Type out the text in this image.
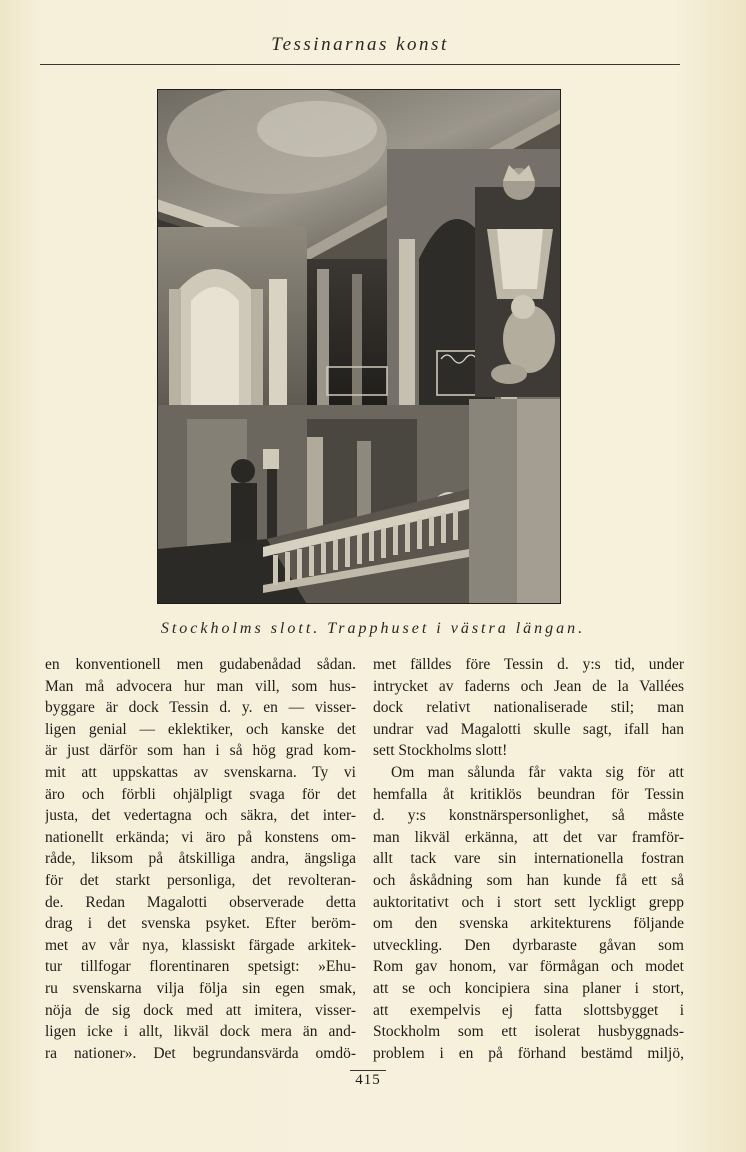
Tessinarnas konst
Stockholms slott. Trapphuset i västra längan.
en konventionell men gudabenådad sådan.
Man må advocera hur man vill, som hus-
byggare är dock Tessin d. y. en — visser-
ligen genial — eklektiker, och kanske det
är just därför som han i så hög grad kom-
mit att uppskattas av svenskarna. Ty vi
äro och förbli ohjälpligt svaga för det
justa, det vedertagna och säkra, det inter-
nationellt erkända; vi äro på konstens om-
råde, liksom på åtskilliga andra, ängsliga
för det starkt personliga, det revolteran-
de. Redan Magalotti observerade detta
drag i det svenska psyket. Efter beröm-
met av vår nya, klassiskt färgade arkitek-
tur tillfogar florentinaren spetsigt: »Ehu-
ru svenskarna vilja följa sin egen smak,
nöja de sig dock med att imitera, visser-
ligen icke i allt, likväl dock mera än and-
ra nationer». Det begrundansvärda omdö-
met fälldes före Tessin d. y:s tid, under
intrycket av faderns och Jean de la Vallées
dock relativt nationaliserade stil; man
undrar vad Magalotti skulle sagt, ifall han
sett Stockholms slott!
Om man sålunda får vakta sig för att
hemfalla åt kritiklös beundran för Tessin
d. y:s konstnärspersonlighet, så måste
man likväl erkänna, att det var framför-
allt tack vare sin internationella fostran
och åskådning som han kunde få ett så
auktoritativt och i stort sett lyckligt grepp
om den svenska arkitekturens följande
utveckling. Den dyrbaraste gåvan som
Rom gav honom, var förmågan och modet
att se och koncipiera sina planer i stort,
att exempelvis ej fatta slottsbygget i
Stockholm som ett isolerat husbyggnads-
problem i en på förhand bestämd miljö,
415
